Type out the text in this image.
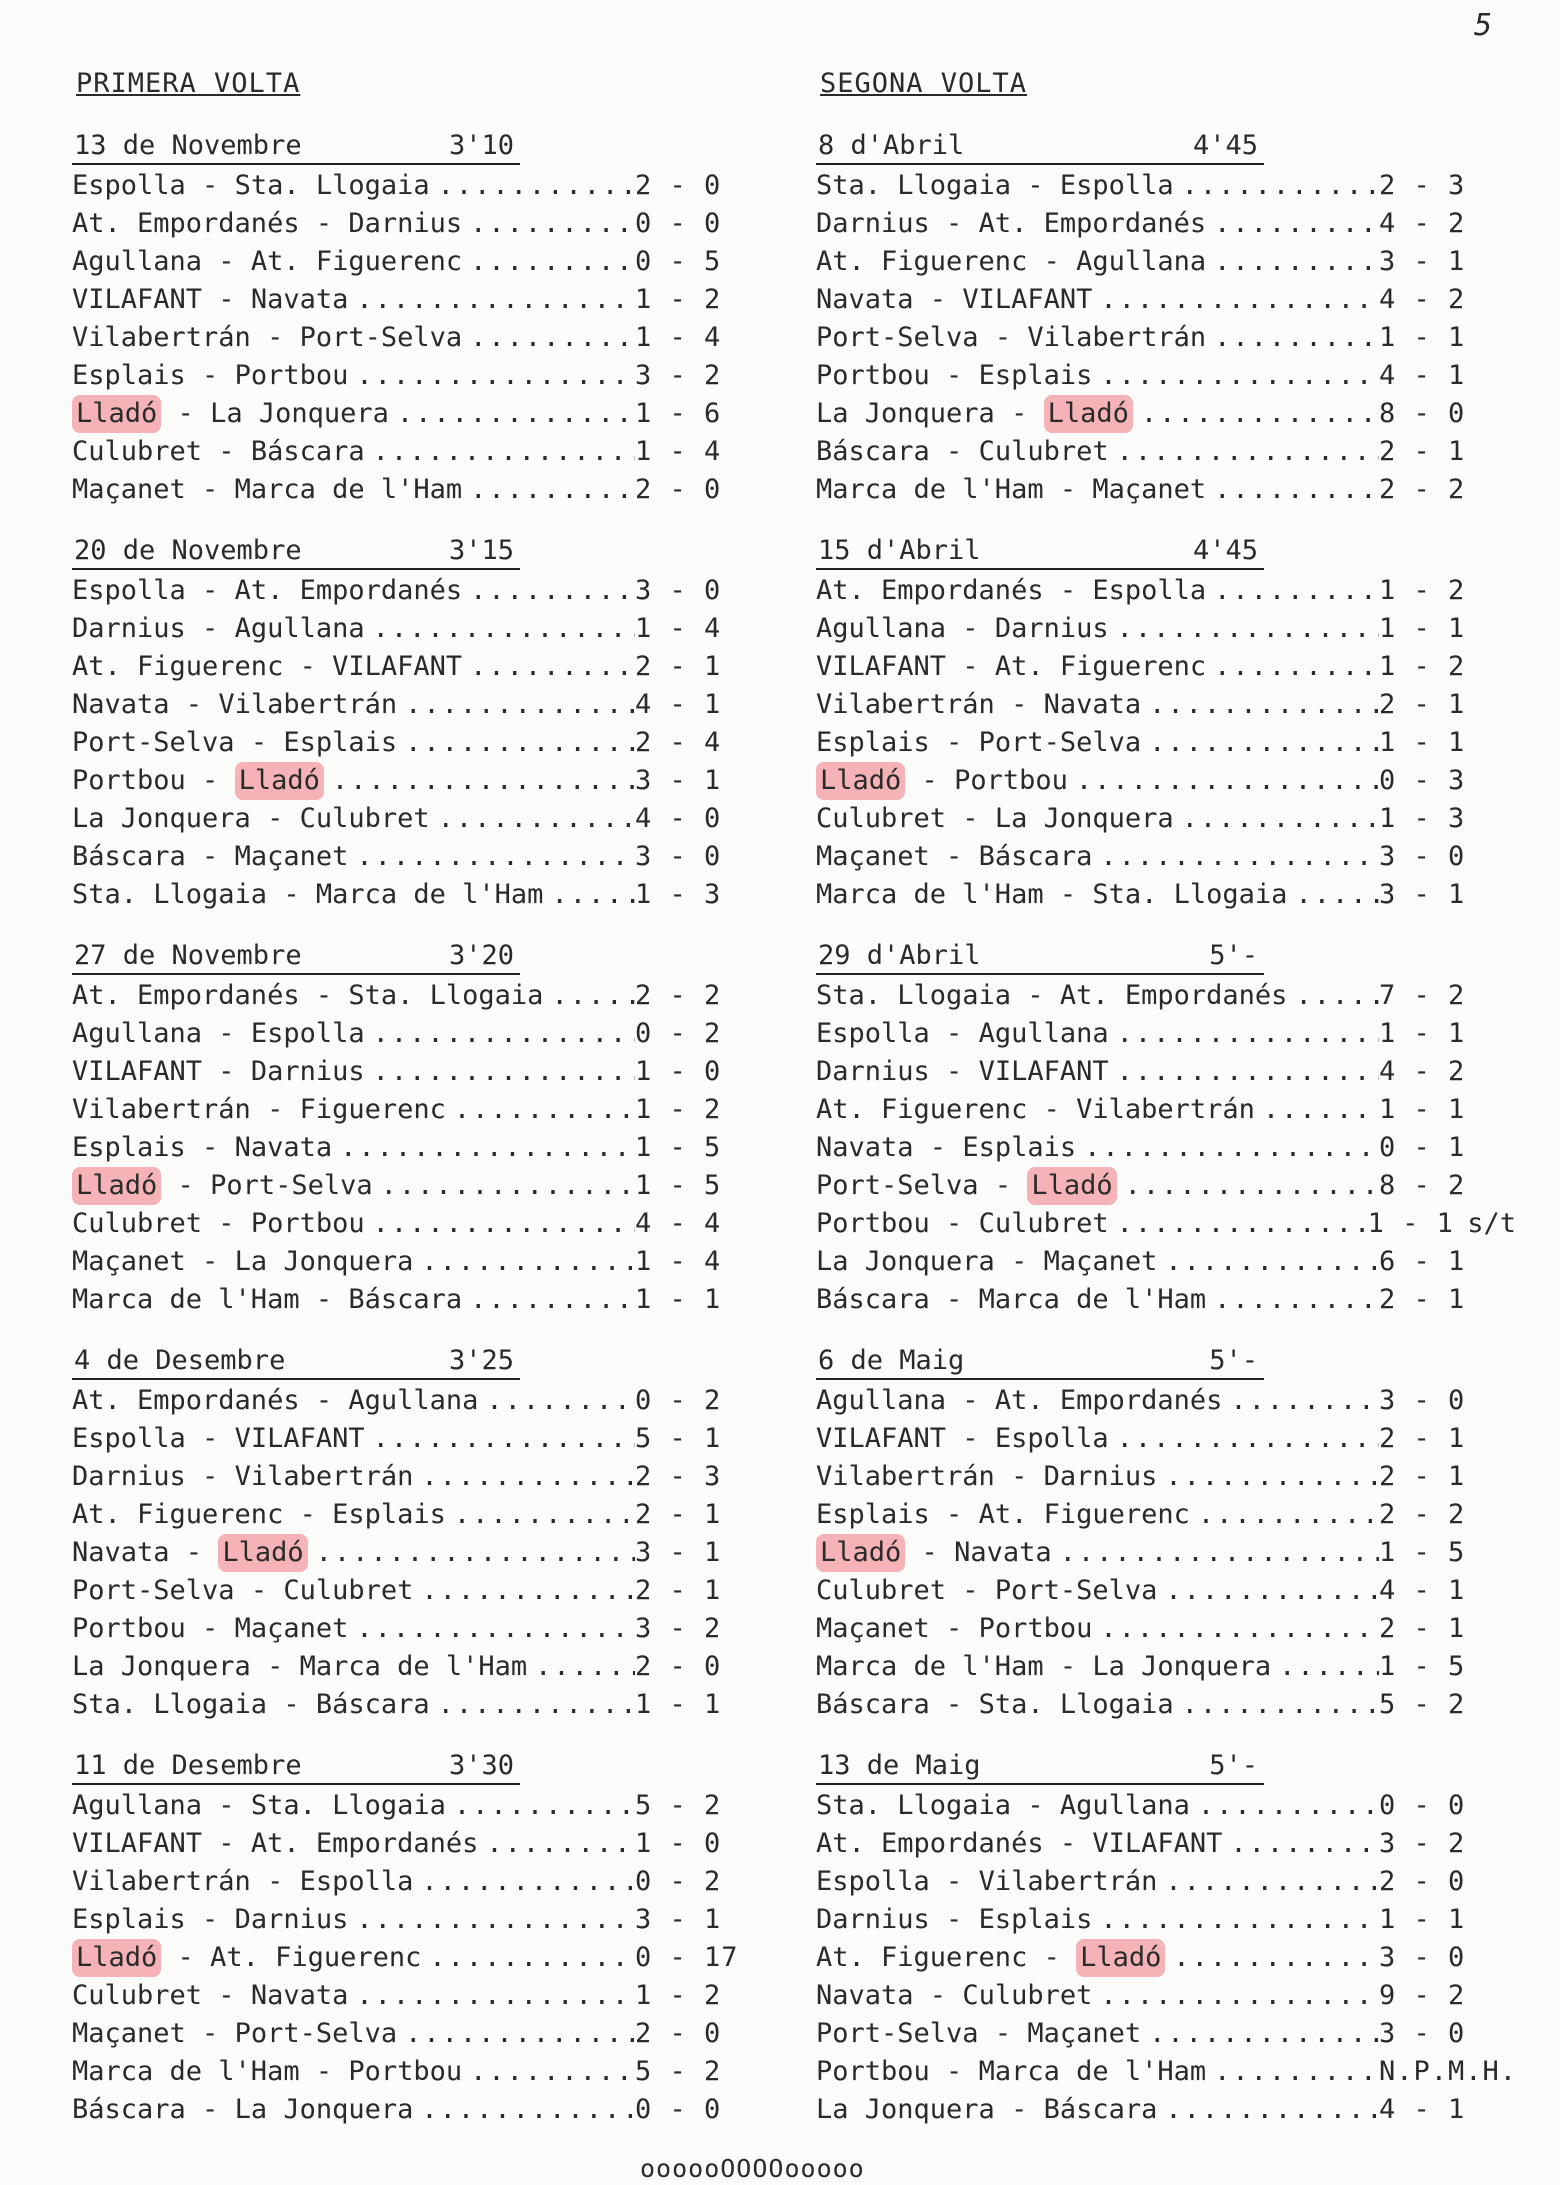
5
PRIMERA VOLTA
13 de Novembre	3'10
Espolla - Sta. Llogaia .....	2 - 0
At. Empordanés - Darnius .....	0 - 0
Agullana - At. Figuerenc .....	0 - 5
VILAFANT - Navata .....	1 - 2
Vilabertrán - Port-Selva .....	1 - 4
Esplais - Portbou .....	3 - 2
Lladó - La Jonquera .....	1 - 6
Culubret - Báscara .....	1 - 4
Maçanet - Marca de l'Ham .....	2 - 0
20 de Novembre	3'15
Espolla - At. Empordanés .....	3 - 0
Darnius - Agullana .....	1 - 4
At. Figuerenc - VILAFANT .....	2 - 1
Navata - Vilabertrán .....	4 - 1
Port-Selva - Esplais .....	2 - 4
Portbou - Lladó .....	3 - 1
La Jonquera - Culubret .....	4 - 0
Báscara - Maçanet .....	3 - 0
Sta. Llogaia - Marca de l'Ham .....	1 - 3
27 de Novembre	3'20
At. Empordanés - Sta. Llogaia .....	2 - 2
Agullana - Espolla .....	0 - 2
VILAFANT - Darnius .....	1 - 0
Vilabertrán - Figuerenc .....	1 - 2
Esplais - Navata .....	1 - 5
Lladó - Port-Selva .....	1 - 5
Culubret - Portbou .....	4 - 4
Maçanet - La Jonquera .....	1 - 4
Marca de l'Ham - Báscara .....	1 - 1
4 de Desembre	3'25
At. Empordanés - Agullana .....	0 - 2
Espolla - VILAFANT .....	5 - 1
Darnius - Vilabertrán .....	2 - 3
At. Figuerenc - Esplais .....	2 - 1
Navata - Lladó .....	3 - 1
Port-Selva - Culubret .....	2 - 1
Portbou - Maçanet .....	3 - 2
La Jonquera - Marca de l'Ham .....	2 - 0
Sta. Llogaia - Báscara .....	1 - 1
11 de Desembre	3'30
Agullana - Sta. Llogaia .....	5 - 2
VILAFANT - At. Empordanés .....	1 - 0
Vilabertrán - Espolla .....	0 - 2
Esplais - Darnius .....	3 - 1
Lladó - At. Figuerenc .....	0 - 17
Culubret - Navata .....	1 - 2
Maçanet - Port-Selva .....	2 - 0
Marca de l'Ham - Portbou .....	5 - 2
Báscara - La Jonquera .....	0 - 0
SEGONA VOLTA
8 d'Abril	4'45
Sta. Llogaia - Espolla .....	2 - 3
Darnius - At. Empordanés .....	4 - 2
At. Figuerenc - Agullana .....	3 - 1
Navata - VILAFANT .....	4 - 2
Port-Selva - Vilabertrán .....	1 - 1
Portbou - Esplais .....	4 - 1
La Jonquera - Lladó .....	8 - 0
Báscara - Culubret .....	2 - 1
Marca de l'Ham - Maçanet .....	2 - 2
15 d'Abril	4'45
At. Empordanés - Espolla .....	1 - 2
Agullana - Darnius .....	1 - 1
VILAFANT - At. Figuerenc .....	1 - 2
Vilabertrán - Navata .....	2 - 1
Esplais - Port-Selva .....	1 - 1
Lladó - Portbou .....	0 - 3
Culubret - La Jonquera .....	1 - 3
Maçanet - Báscara .....	3 - 0
Marca de l'Ham - Sta. Llogaia .....	3 - 1
29 d'Abril	5'-
Sta. Llogaia - At. Empordanés .....	7 - 2
Espolla - Agullana .....	1 - 1
Darnius - VILAFANT .....	4 - 2
At. Figuerenc - Vilabertrán .....	1 - 1
Navata - Esplais .....	0 - 1
Port-Selva - Lladó .....	8 - 2
Portbou - Culubret .....	1 - 1 s/t
La Jonquera - Maçanet .....	6 - 1
Báscara - Marca de l'Ham .....	2 - 1
6 de Maig	5'-
Agullana - At. Empordanés .....	3 - 0
VILAFANT - Espolla .....	2 - 1
Vilabertrán - Darnius .....	2 - 1
Esplais - At. Figuerenc .....	2 - 2
Lladó - Navata .....	1 - 5
Culubret - Port-Selva .....	4 - 1
Maçanet - Portbou .....	2 - 1
Marca de l'Ham - La Jonquera .....	1 - 5
Báscara - Sta. Llogaia .....	5 - 2
13 de Maig	5'-
Sta. Llogaia - Agullana .....	0 - 0
At. Empordanés - VILAFANT .....	3 - 2
Espolla - Vilabertrán .....	2 - 0
Darnius - Esplais .....	1 - 1
At. Figuerenc - Lladó .....	3 - 0
Navata - Culubret .....	9 - 2
Port-Selva - Maçanet .....	3 - 0
Portbou - Marca de l'Ham .....	N.P.M.H.
La Jonquera - Báscara .....	4 - 1
oooooOOOOooooo
